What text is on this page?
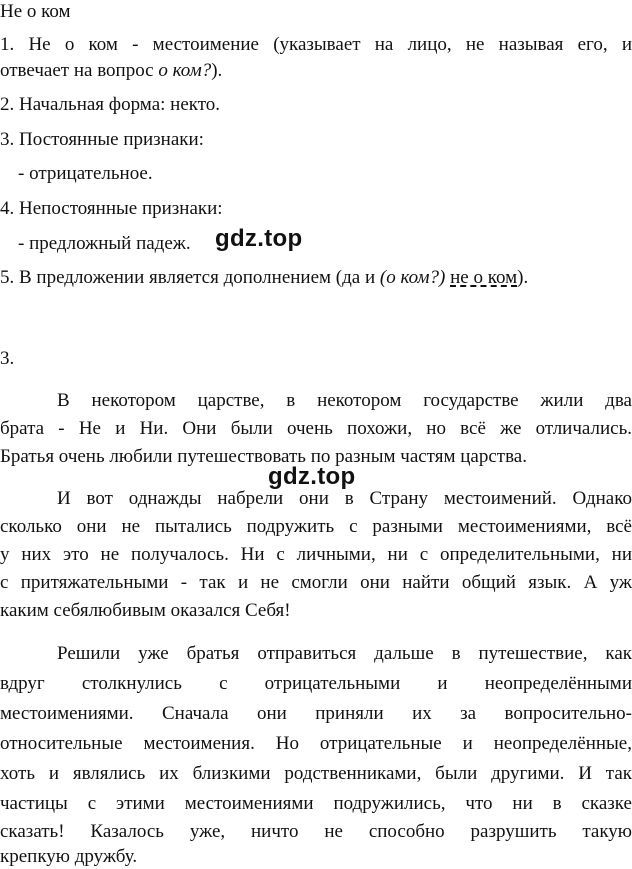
Не о ком
1. Не о ком - местоимение (указывает на лицо, не называя его, и
отвечает на вопрос о ком?).
2. Начальная форма: некто.
3. Постоянные признаки:
- отрицательное.
4. Непостоянные признаки:
- предложный падеж.
5. В предложении является дополнением (да и (о ком?) не о ком).
3.
В некотором царстве, в некотором государстве жили два
брата - Не и Ни. Они были очень похожи, но всё же отличались.
Братья очень любили путешествовать по разным частям царства.
И вот однажды набрели они в Страну местоимений. Однако
сколько они не пытались подружить с разными местоимениями, всё
у них это не получалось. Ни с личными, ни с определительными, ни
с притяжательными - так и не смогли они найти общий язык. А уж
каким себялюбивым оказался Себя!
Решили уже братья отправиться дальше в путешествие, как
вдруг столкнулись с отрицательными и неопределёнными
местоимениями. Сначала они приняли их за вопросительно-
относительные местоимения. Но отрицательные и неопределённые,
хоть и являлись их близкими родственниками, были другими. И так
частицы с этими местоимениями подружились, что ни в сказке
сказать! Казалось уже, ничто не способно разрушить такую
крепкую дружбу.
gdz.top
gdz.top
